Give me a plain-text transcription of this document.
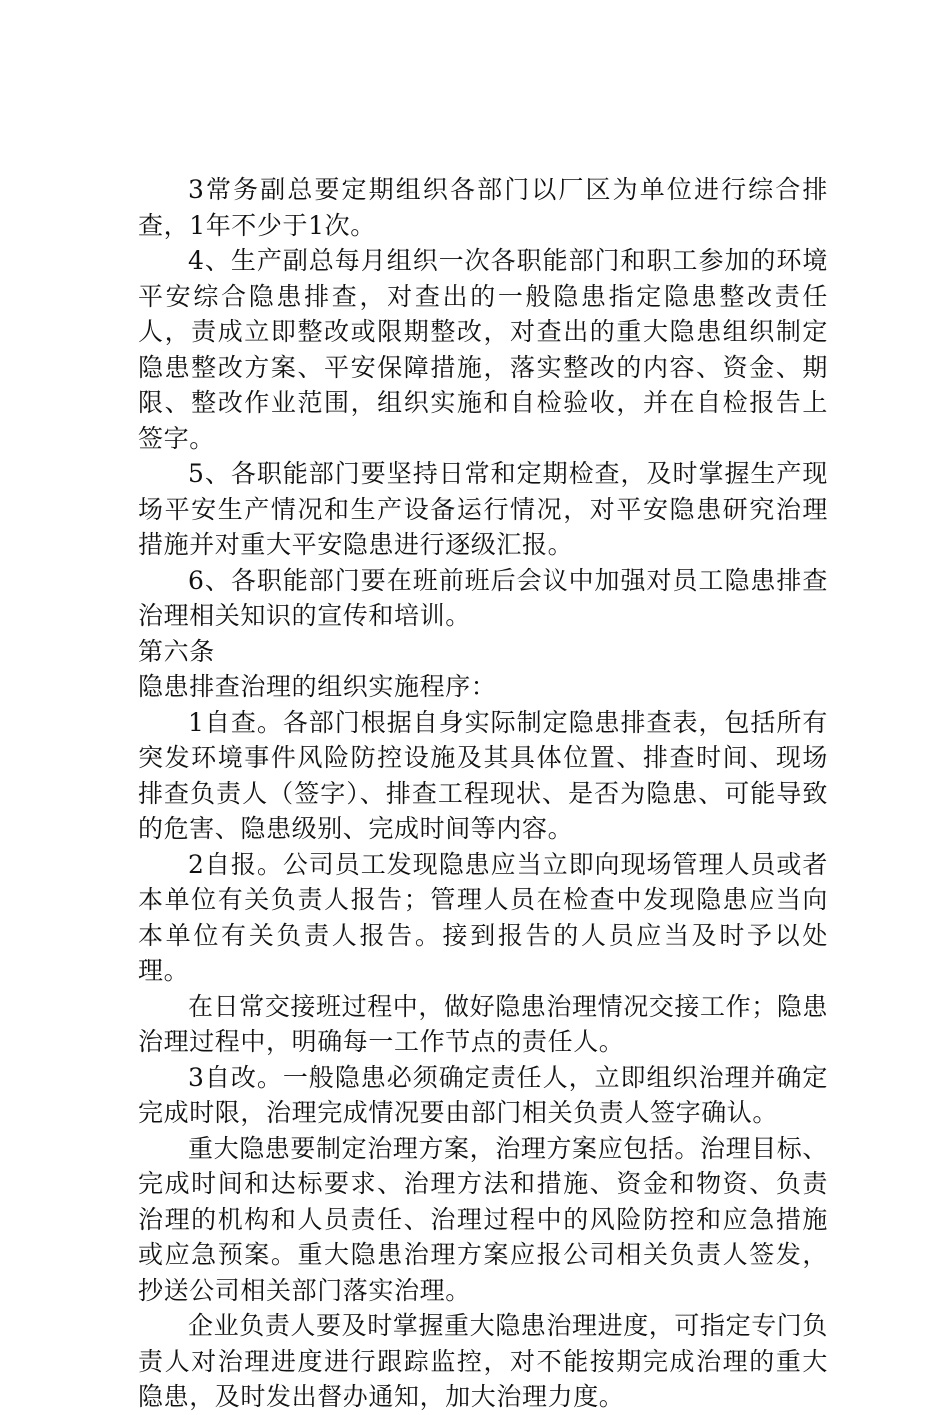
3常务副总要定期组织各部门以厂区为单位进行综合排查，1年不少于1次。

4、生产副总每月组织一次各职能部门和职工参加的环境平安综合隐患排查，对查出的一般隐患指定隐患整改责任人，责成立即整改或限期整改，对查出的重大隐患组织制定隐患整改方案、平安保障措施，落实整改的内容、资金、期限、整改作业范围，组织实施和自检验收，并在自检报告上签字。

5、各职能部门要坚持日常和定期检查，及时掌握生产现场平安生产情况和生产设备运行情况，对平安隐患研究治理措施并对重大平安隐患进行逐级汇报。

6、各职能部门要在班前班后会议中加强对员工隐患排查治理相关知识的宣传和培训。

第六条

隐患排查治理的组织实施程序：

1自查。各部门根据自身实际制定隐患排查表，包括所有突发环境事件风险防控设施及其具体位置、排查时间、现场排查负责人（签字）、排查工程现状、是否为隐患、可能导致的危害、隐患级别、完成时间等内容。

2自报。公司员工发现隐患应当立即向现场管理人员或者本单位有关负责人报告；管理人员在检查中发现隐患应当向本单位有关负责人报告。接到报告的人员应当及时予以处理。

在日常交接班过程中，做好隐患治理情况交接工作；隐患治理过程中，明确每一工作节点的责任人。

3自改。一般隐患必须确定责任人，立即组织治理并确定完成时限，治理完成情况要由部门相关负责人签字确认。

重大隐患要制定治理方案，治理方案应包括。治理目标、完成时间和达标要求、治理方法和措施、资金和物资、负责治理的机构和人员责任、治理过程中的风险防控和应急措施或应急预案。重大隐患治理方案应报公司相关负责人签发，抄送公司相关部门落实治理。

企业负责人要及时掌握重大隐患治理进度，可指定专门负责人对治理进度进行跟踪监控，对不能按期完成治理的重大隐患，及时发出督办通知，加大治理力度。
